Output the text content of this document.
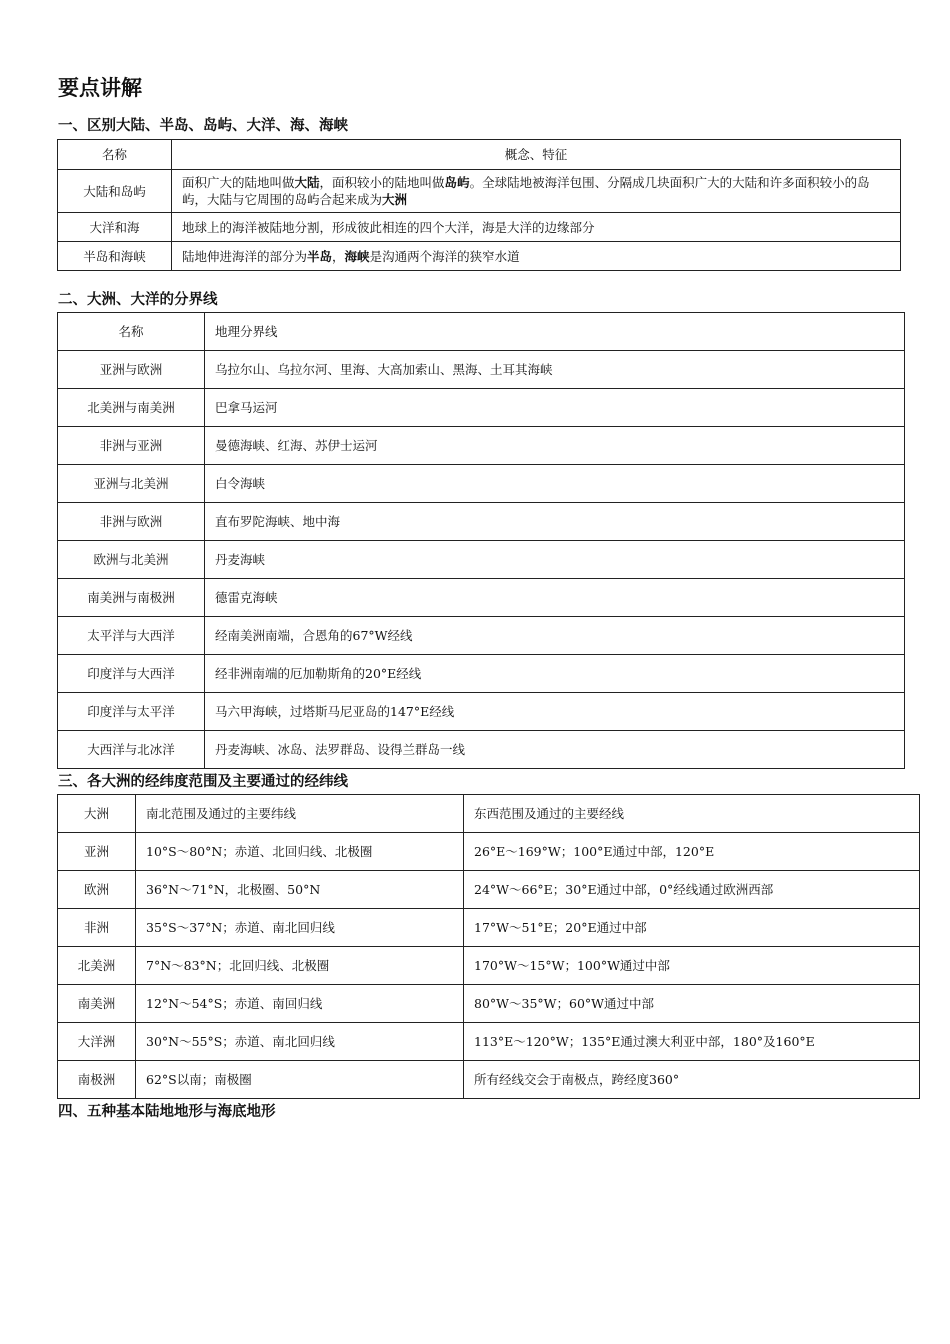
要点讲解
一、区别大陆、半岛、岛屿、大洋、海、海峡
名称	概念、特征
大陆和岛屿	面积广大的陆地叫做大陆，面积较小的陆地叫做岛屿。全球陆地被海洋包围、分隔成几块面积广大的大陆和许多面积较小的岛屿，大陆与它周围的岛屿合起来成为大洲
大洋和海	地球上的海洋被陆地分割，形成彼此相连的四个大洋，海是大洋的边缘部分
半岛和海峡	陆地伸进海洋的部分为半岛，海峡是沟通两个海洋的狭窄水道
二、大洲、大洋的分界线
名称	地理分界线
亚洲与欧洲	乌拉尔山、乌拉尔河、里海、大高加索山、黑海、土耳其海峡
北美洲与南美洲	巴拿马运河
非洲与亚洲	曼德海峡、红海、苏伊士运河
亚洲与北美洲	白令海峡
非洲与欧洲	直布罗陀海峡、地中海
欧洲与北美洲	丹麦海峡
南美洲与南极洲	德雷克海峡
太平洋与大西洋	经南美洲南端，合恩角的67°W经线
印度洋与大西洋	经非洲南端的厄加勒斯角的20°E经线
印度洋与太平洋	马六甲海峡，过塔斯马尼亚岛的147°E经线
大西洋与北冰洋	丹麦海峡、冰岛、法罗群岛、设得兰群岛一线
三、各大洲的经纬度范围及主要通过的经纬线
大洲	南北范围及通过的主要纬线	东西范围及通过的主要经线
亚洲	10°S～80°N；赤道、北回归线、北极圈	26°E～169°W；100°E通过中部，120°E
欧洲	36°N～71°N，北极圈、50°N	24°W～66°E；30°E通过中部，0°经线通过欧洲西部
非洲	35°S～37°N；赤道、南北回归线	17°W～51°E；20°E通过中部
北美洲	7°N～83°N；北回归线、北极圈	170°W～15°W；100°W通过中部
南美洲	12°N～54°S；赤道、南回归线	80°W～35°W；60°W通过中部
大洋洲	30°N～55°S；赤道、南北回归线	113°E～120°W；135°E通过澳大利亚中部，180°及160°E
南极洲	62°S以南；南极圈	所有经线交会于南极点，跨经度360°
四、五种基本陆地地形与海底地形
